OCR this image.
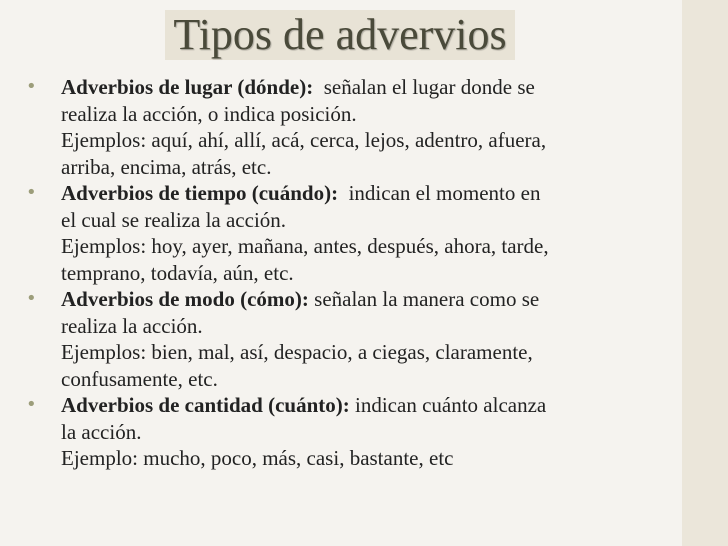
Tipos de advervios
• Adverbios de lugar (dónde): señalan el lugar donde se
realiza la acción, o indica posición.
Ejemplos: aquí, ahí, allí, acá, cerca, lejos, adentro, afuera,
arriba, encima, atrás, etc.
• Adverbios de tiempo (cuándo): indican el momento en
el cual se realiza la acción.
Ejemplos: hoy, ayer, mañana, antes, después, ahora, tarde,
temprano, todavía, aún, etc.
• Adverbios de modo (cómo): señalan la manera como se
realiza la acción.
Ejemplos: bien, mal, así, despacio, a ciegas, claramente,
confusamente, etc.
• Adverbios de cantidad (cuánto): indican cuánto alcanza
la acción.
Ejemplo: mucho, poco, más, casi, bastante, etc
